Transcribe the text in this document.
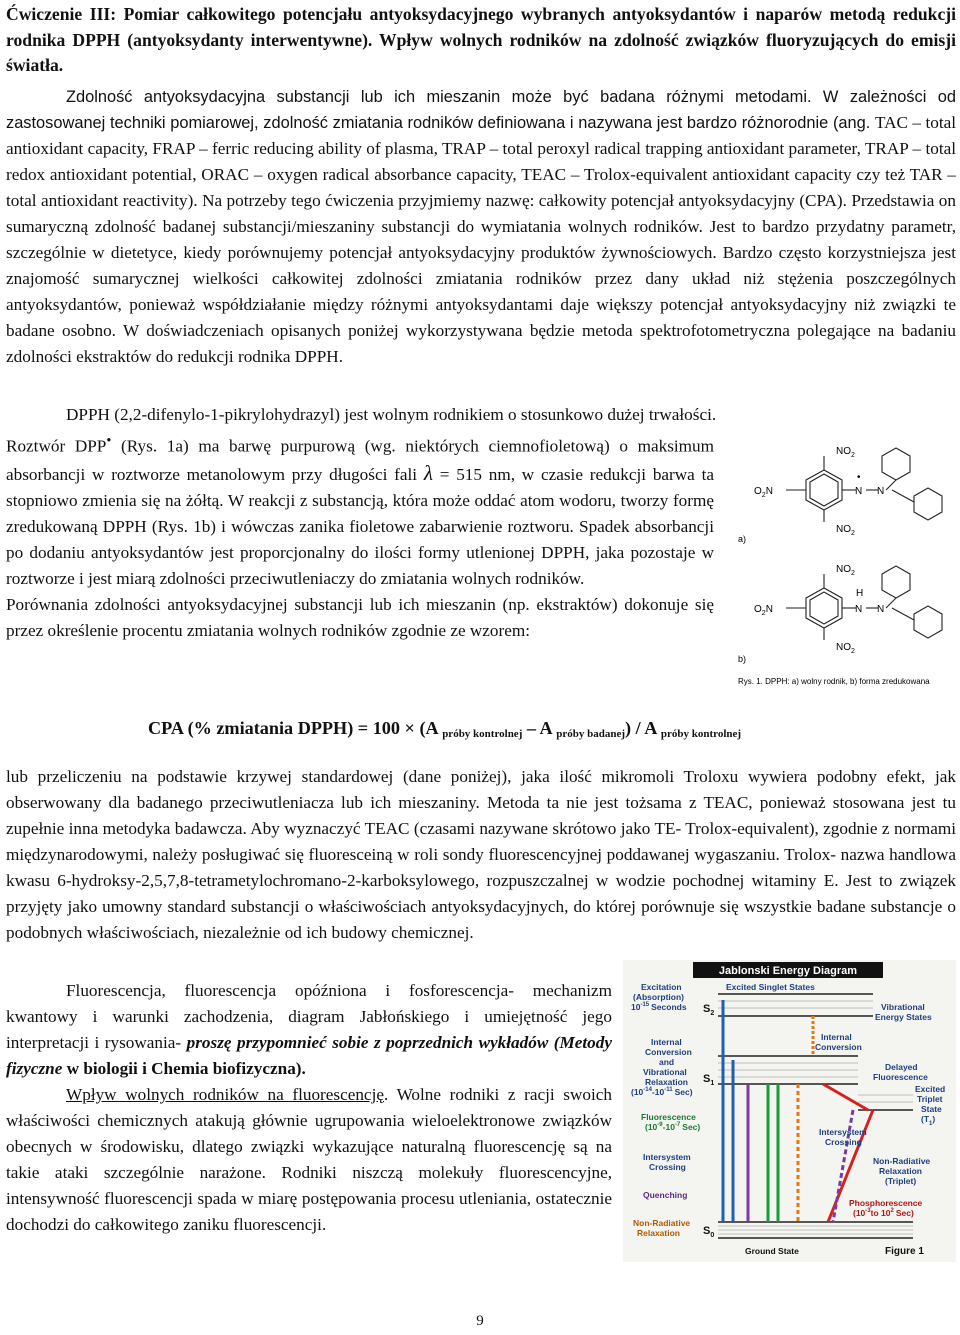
Ćwiczenie III: Pomiar całkowitego potencjału antyoksydacyjnego wybranych antyoksydantów i naparów metodą redukcji rodnika DPPH (antyoksydanty interwentywne). Wpływ wolnych rodników na zdolność związków fluoryzujących do emisji światła.

Zdolność antyoksydacyjna substancji lub ich mieszanin może być badana różnymi metodami. W zależności od zastosowanej techniki pomiarowej, zdolność zmiatania rodników definiowana i nazywana jest bardzo różnorodnie (ang. TAC – total antioxidant capacity, FRAP – ferric reducing ability of plasma, TRAP – total peroxyl radical trapping antioxidant parameter, TRAP – total redox antioxidant potential, ORAC – oxygen radical absorbance capacity, TEAC – Trolox-equivalent antioxidant capacity czy też TAR – total antioxidant reactivity). Na potrzeby tego ćwiczenia przyjmiemy nazwę: całkowity potencjał antyoksydacyjny (CPA). Przedstawia on sumaryczną zdolność badanej substancji/mieszaniny substancji do wymiatania wolnych rodników. Jest to bardzo przydatny parametr, szczególnie w dietetyce, kiedy porównujemy potencjał antyoksydacyjny produktów żywnościowych. Bardzo często korzystniejsza jest znajomość sumarycznej wielkości całkowitej zdolności zmiatania rodników przez dany układ niż stężenia poszczególnych antyoksydantów, ponieważ współdziałanie między różnymi antyoksydantami daje większy potencjał antyoksydacyjny niż związki te badane osobno. W doświadczeniach opisanych poniżej wykorzystywana będzie metoda spektrofotometryczna polegające na badaniu zdolności ekstraktów do redukcji rodnika DPPH.

DPPH (2,2-difenylo-1-pikrylohydrazyl) jest wolnym rodnikiem o stosunkowo dużej trwałości.

Roztwór DPP• (Rys. 1a) ma barwę purpurową (wg. niektórych ciemnofioletową) o maksimum absorbancji w roztworze metanolowym przy długości fali λ = 515 nm, w czasie redukcji barwa ta stopniowo zmienia się na żółtą. W reakcji z substancją, która może oddać atom wodoru, tworzy formę zredukowaną DPPH (Rys. 1b) i wówczas zanika fioletowe zabarwienie roztworu. Spadek absorbancji po dodaniu antyoksydantów jest proporcjonalny do ilości formy utlenionej DPPH, jaka pozostaje w roztworze i jest miarą zdolności przeciwutleniaczy do zmiatania wolnych rodników.
Porównania zdolności antyoksydacyjnej substancji lub ich mieszanin (np. ekstraktów) dokonuje się przez określenie procentu zmiatania wolnych rodników zgodnie ze wzorem:

CPA (% zmiatania DPPH) = 100 × (A $_{próby kontrolnej}$ – A $_{próby badanej}$) / A $_{próby kontrolnej}$

lub przeliczeniu na podstawie krzywej standardowej (dane poniżej), jaka ilość mikromoli Troloxu wywiera podobny efekt, jak obserwowany dla badanego przeciwutleniacza lub ich mieszaniny. Metoda ta nie jest tożsama z TEAC, ponieważ stosowana jest tu zupełnie inna metodyka badawcza. Aby wyznaczyć TEAC (czasami nazywane skrótowo jako TE- Trolox-equivalent), zgodnie z normami międzynarodowymi, należy posługiwać się fluoresceiną w roli sondy fluorescencyjnej poddawanej wygaszaniu. Trolox- nazwa handlowa kwasu 6-hydroksy-2,5,7,8-tetrametylochromano-2-karboksylowego, rozpuszczalnej w wodzie pochodnej witaminy E. Jest to związek przyjęty jako umowny standard substancji o właściwościach antyoksydacyjnych, do której porównuje się wszystkie badane substancje o podobnych właściwościach, niezależnie od ich budowy chemicznej.

Fluorescencja, fluorescencja opóźniona i fosforescencja- mechanizm kwantowy i warunki zachodzenia, diagram Jabłońskiego i umiejętność jego interpretacji i rysowania- proszę przypomnieć sobie z poprzednich wykładów (Metody fizyczne w biologii i Chemia biofizyczna).

Wpływ wolnych rodników na fluorescencję. Wolne rodniki z racji swoich właściwości chemicznych atakują głównie ugrupowania wieloelektronowe związków obecnych w środowisku, dlatego związki wykazujące naturalną fluorescencję są na takie ataki szczególnie narażone. Rodniki niszczą molekuły fluorescencyjne, intensywność fluorescencji spada w miarę postępowania procesu utleniania, ostatecznie dochodzi do całkowitego zaniku fluorescencji.

$NO_2$
$NO_2$
$O_2N$	N N
•
a)
$NO_2$
$NO_2$
$O_2N$	N N
H
b)
Rys. 1. DPPH: a) wolny rodnik, b) forma zredukowana
Jablonski Energy Diagram
Excitation (Absorption) $10^{-15}$ Seconds
Excited Singlet States
$S_2$
$S_1$
$S_0$
Vibrational Energy States
Internal Conversion and Vibrational Relaxation ($10^{-14}-10^{-11}$ Sec)
Internal Conversion
Delayed Fluorescence
Fluorescence ($10^{-9}-10^{-7}$ Sec)
Excited Triplet State $(T_1)$
Intersystem Crossing
Intersystem Crossing
Quenching
Non-Radiative Relaxation (Triplet)
Non-Radiative Relaxation
Phosphorescence ($10^{-3}to$ $10^2$ Sec)
Ground State	Figure 1
9
